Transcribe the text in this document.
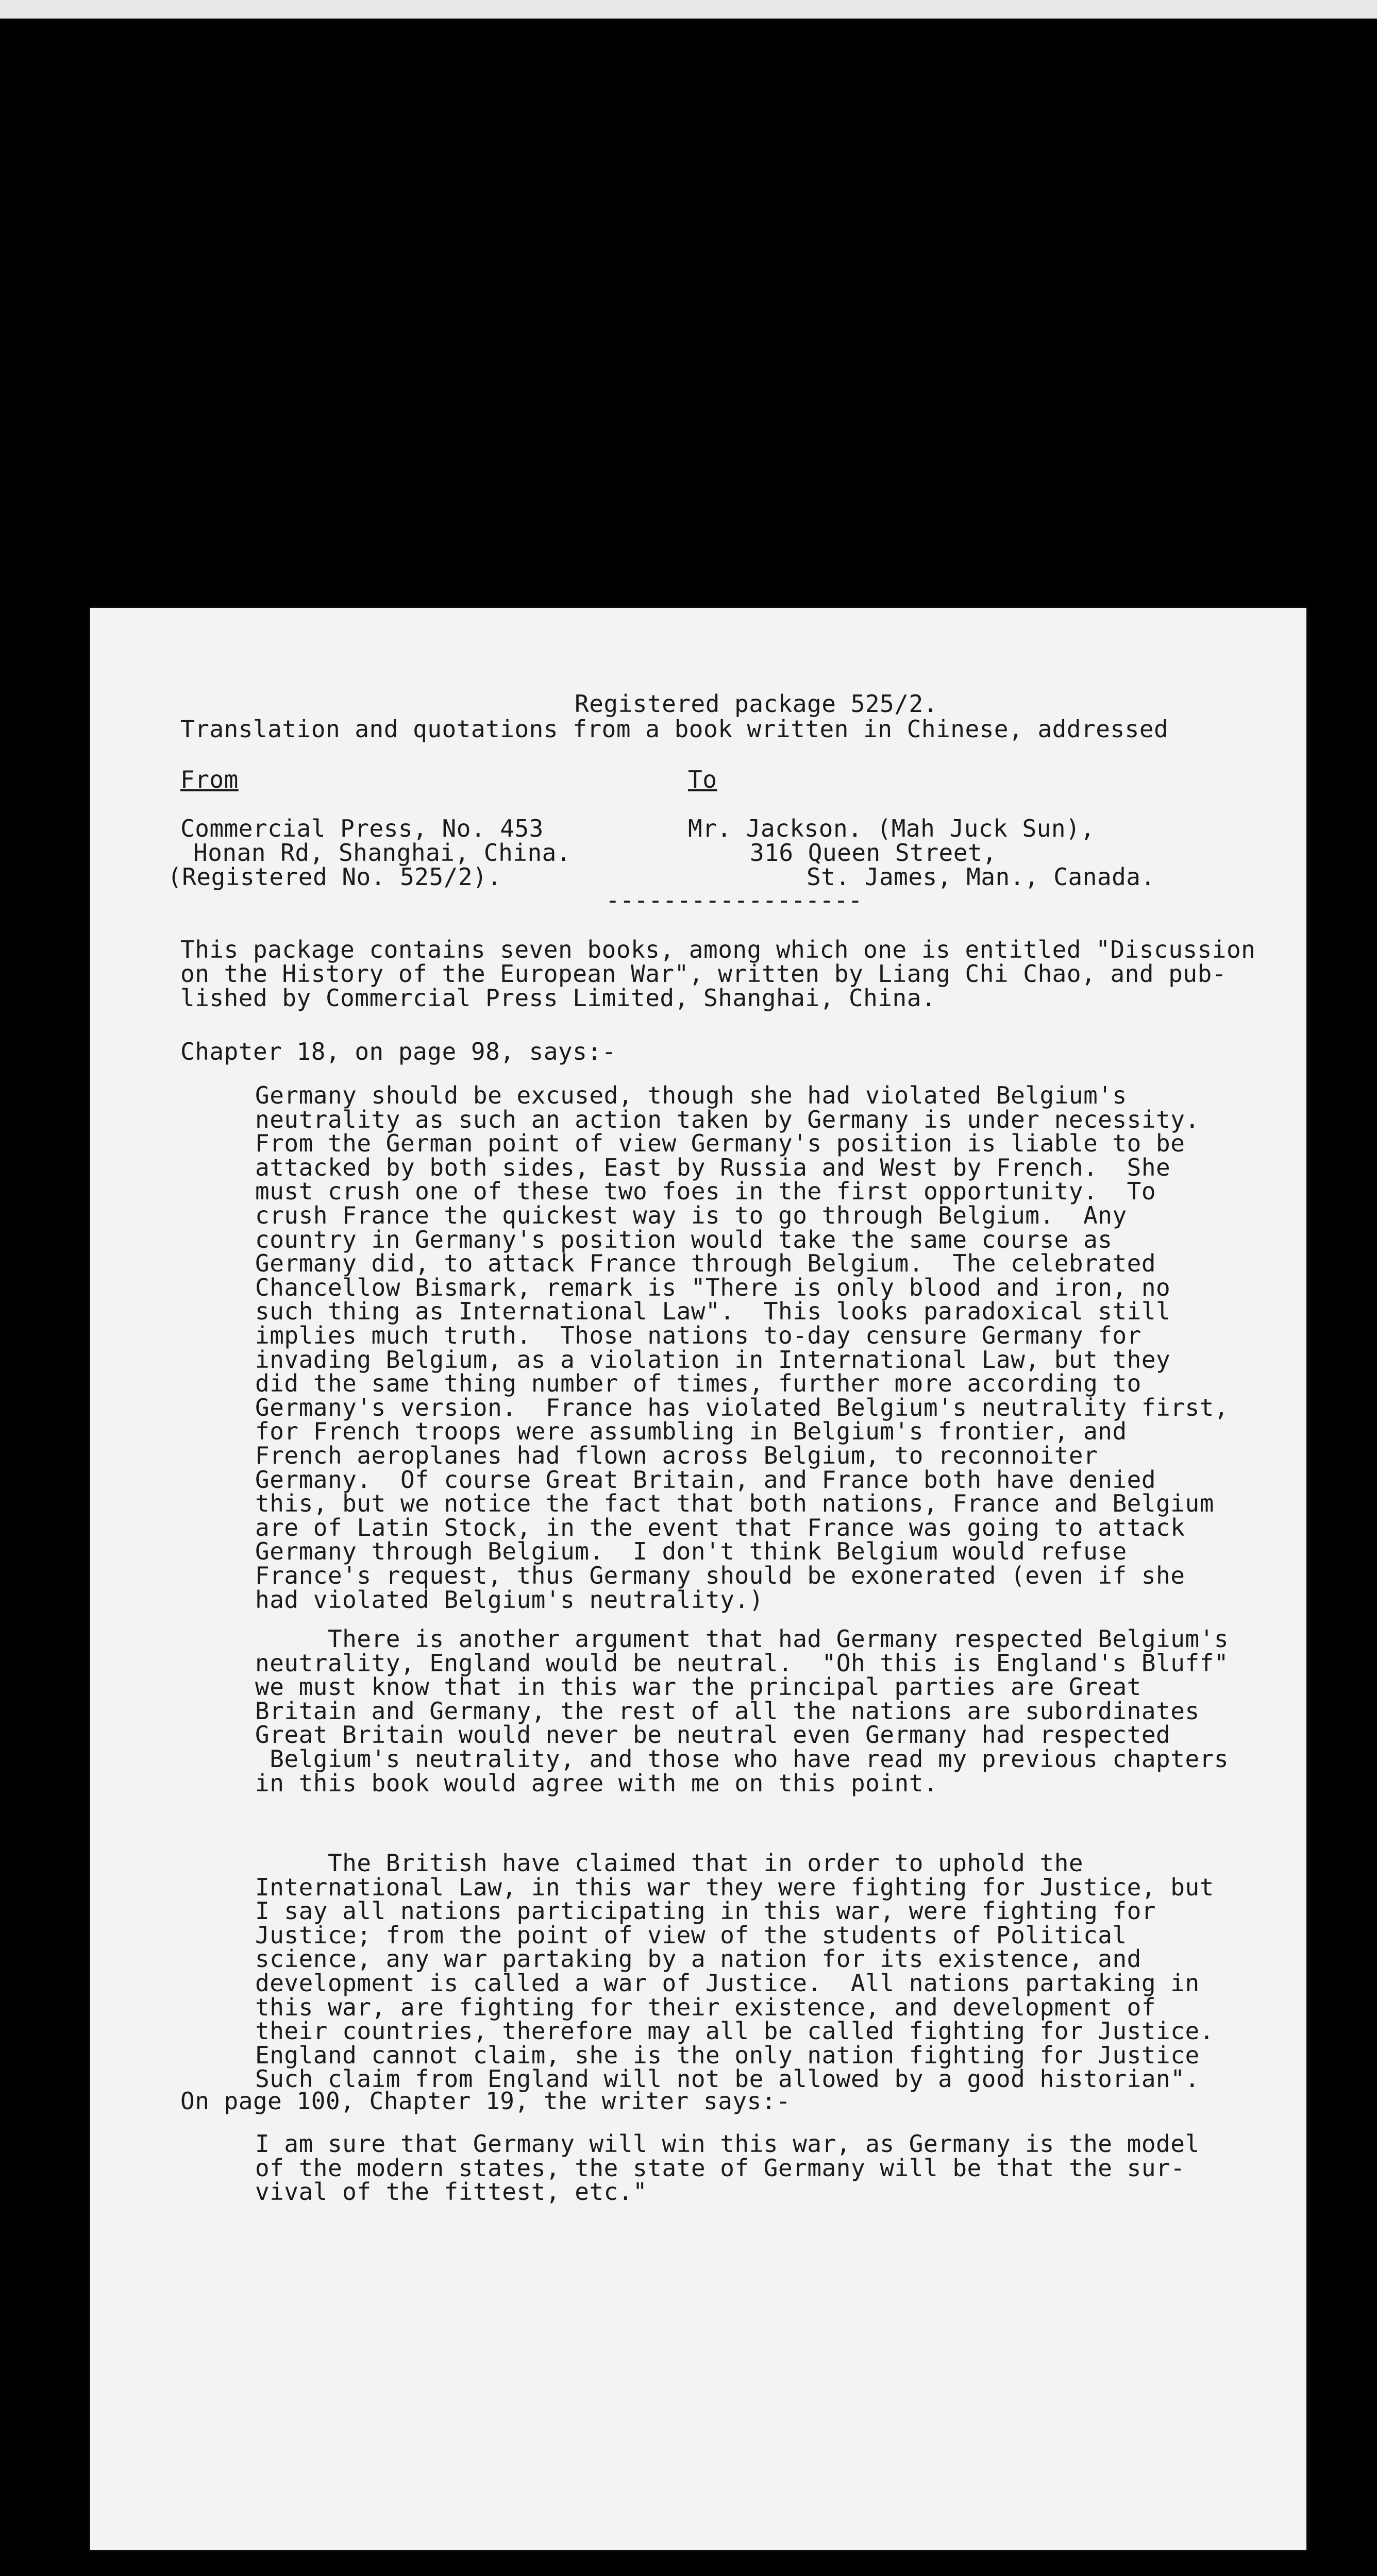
Registered package 525/2.
Translation and quotations from a book written in Chinese, addressed
From	To
Commercial Press, No. 453
Honan Rd, Shanghai, China.
(Registered No. 525/2).
Mr. Jackson. (Mah Juck Sun),
316 Queen Street,
St. James, Man., Canada.
------------------
This package contains seven books, among which one is entitled "Discussion
on the History of the European War", written by Liang Chi Chao, and pub-
lished by Commercial Press Limited, Shanghai, China.
Chapter 18, on page 98, says:-
Germany should be excused, though she had violated Belgium's
neutrality as such an action taken by Germany is under necessity.
From the German point of view Germany's position is liable to be
attacked by both sides, East by Russia and West by French.  She
must crush one of these two foes in the first opportunity.  To
crush France the quickest way is to go through Belgium.  Any
country in Germany's position would take the same course as
Germany did, to attack France through Belgium.  The celebrated
Chancellow Bismark, remark is "There is only blood and iron, no
such thing as International Law".  This looks paradoxical still
implies much truth.  Those nations to-day censure Germany for
invading Belgium, as a violation in International Law, but they
did the same thing number of times, further more according to
Germany's version.  France has violated Belgium's neutrality first,
for French troops were assumbling in Belgium's frontier, and
French aeroplanes had flown across Belgium, to reconnoiter
Germany.  Of course Great Britain, and France both have denied
this, but we notice the fact that both nations, France and Belgium
are of Latin Stock, in the event that France was going to attack
Germany through Belgium.  I don't think Belgium would refuse
France's request, thus Germany should be exonerated (even if she
had violated Belgium's neutrality.)
There is another argument that had Germany respected Belgium's
neutrality, England would be neutral.  "Oh this is England's Bluff"
we must know that in this war the principal parties are Great
Britain and Germany, the rest of all the nations are subordinates
Great Britain would never be neutral even Germany had respected
Belgium's neutrality, and those who have read my previous chapters
in this book would agree with me on this point.
The British have claimed that in order to uphold the
International Law, in this war they were fighting for Justice, but
I say all nations participating in this war, were fighting for
Justice; from the point of view of the students of Political
science, any war partaking by a nation for its existence, and
development is called a war of Justice.  All nations partaking in
this war, are fighting for their existence, and development of
their countries, therefore may all be called fighting for Justice.
England cannot claim, she is the only nation fighting for Justice
Such claim from England will not be allowed by a good historian".
On page 100, Chapter 19, the writer says:-
I am sure that Germany will win this war, as Germany is the model
of the modern states, the state of Germany will be that the sur-
vival of the fittest, etc."
